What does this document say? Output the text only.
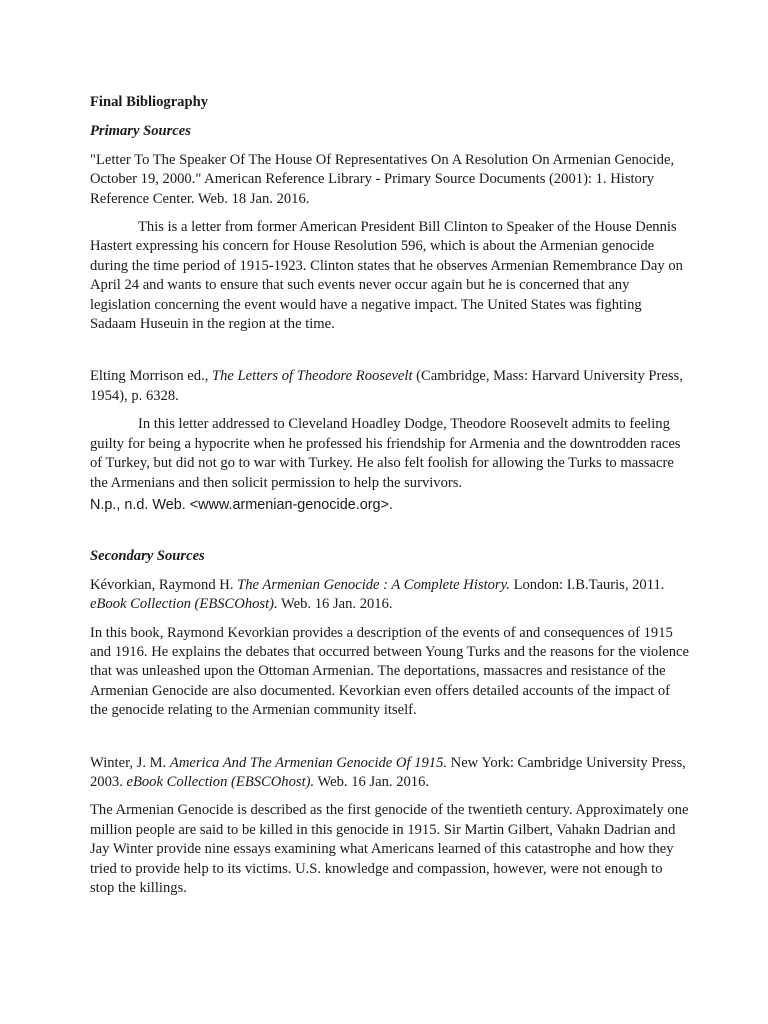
Final Bibliography

Primary Sources

"Letter To The Speaker Of The House Of Representatives On A Resolution On Armenian Genocide, October 19, 2000." American Reference Library - Primary Source Documents (2001): 1. History Reference Center. Web. 18 Jan. 2016.

This is a letter from former American President Bill Clinton to Speaker of the House Dennis Hastert expressing his concern for House Resolution 596, which is about the Armenian genocide during the time period of 1915-1923. Clinton states that he observes Armenian Remembrance Day on April 24 and wants to ensure that such events never occur again but he is concerned that any legislation concerning the event would have a negative impact. The United States was fighting Sadaam Huseuin in the region at the time.

Elting Morrison ed., The Letters of Theodore Roosevelt (Cambridge, Mass: Harvard University Press, 1954), p. 6328.

In this letter addressed to Cleveland Hoadley Dodge, Theodore Roosevelt admits to feeling guilty for being a hypocrite when he professed his friendship for Armenia and the downtrodden races of Turkey, but did not go to war with Turkey. He also felt foolish for allowing the Turks to massacre the Armenians and then solicit permission to help the survivors.

N.p., n.d. Web. <www.armenian-genocide.org>.

Secondary Sources

Kévorkian, Raymond H. The Armenian Genocide : A Complete History. London: I.B.Tauris, 2011. eBook Collection (EBSCOhost). Web. 16 Jan. 2016.

In this book, Raymond Kevorkian provides a description of the events of and consequences of 1915 and 1916. He explains the debates that occurred between Young Turks and the reasons for the violence that was unleashed upon the Ottoman Armenian. The deportations, massacres and resistance of the Armenian Genocide are also documented. Kevorkian even offers detailed accounts of the impact of the genocide relating to the Armenian community itself.

Winter, J. M. America And The Armenian Genocide Of 1915. New York: Cambridge University Press, 2003. eBook Collection (EBSCOhost). Web. 16 Jan. 2016.

The Armenian Genocide is described as the first genocide of the twentieth century. Approximately one million people are said to be killed in this genocide in 1915. Sir Martin Gilbert, Vahakn Dadrian and Jay Winter provide nine essays examining what Americans learned of this catastrophe and how they tried to provide help to its victims. U.S. knowledge and compassion, however, were not enough to stop the killings.
